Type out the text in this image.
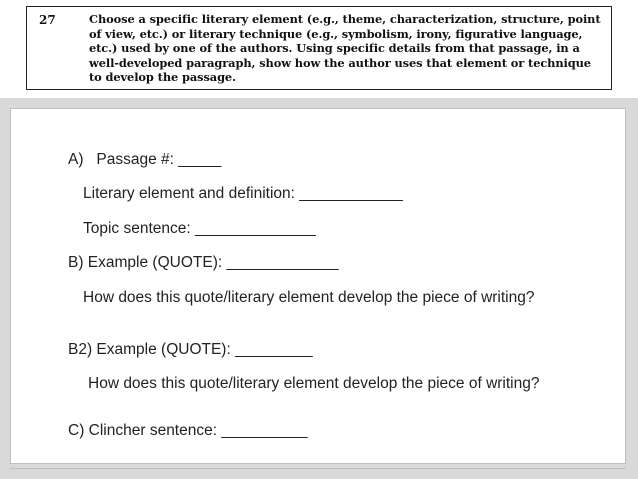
27	Choose a specific literary element (e.g., theme, characterization, structure, point of view, etc.) or literary technique (e.g., symbolism, irony, figurative language, etc.) used by one of the authors. Using specific details from that passage, in a well-developed paragraph, show how the author uses that element or technique to develop the passage.
A)   Passage #: _____
Literary element and definition: ____________
Topic sentence: ______________
B) Example (QUOTE): _____________
How does this quote/literary element develop the piece of writing?
B2) Example (QUOTE): _________
How does this quote/literary element develop the piece of writing?
C) Clincher sentence: __________
